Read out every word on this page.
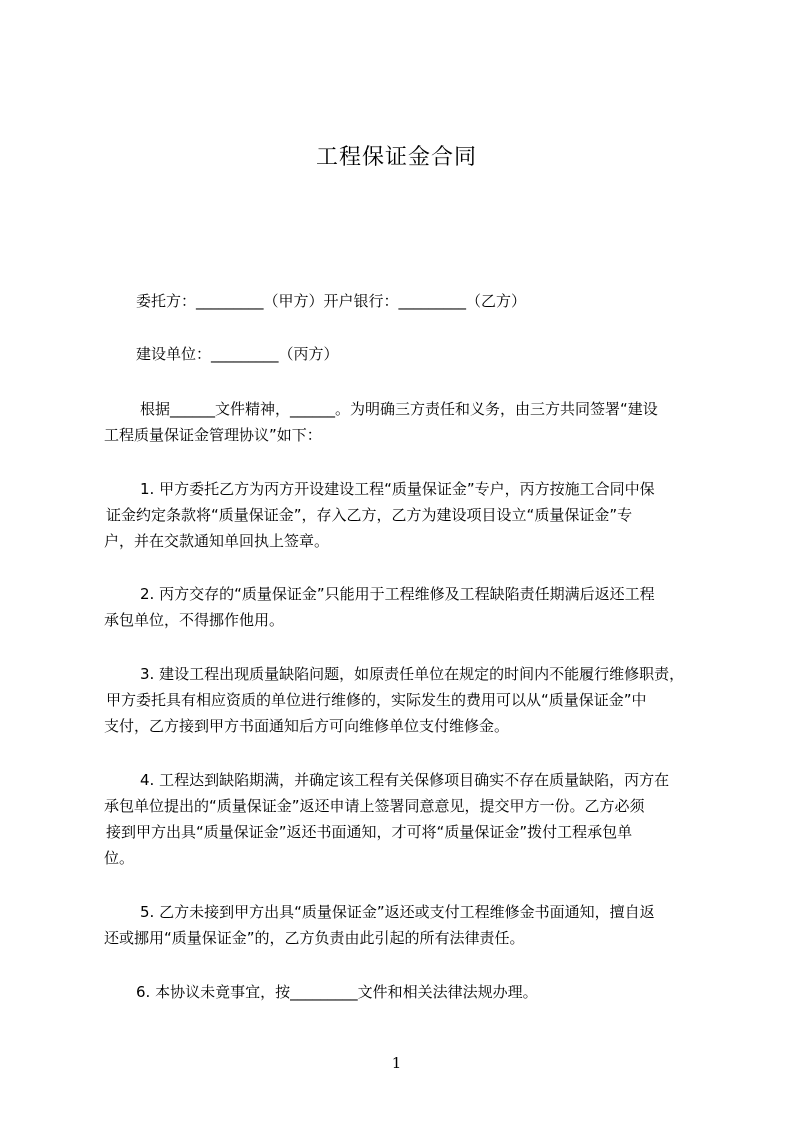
工程保证金合同

委托方：_________（甲方）开户银行：_________（乙方）

建设单位：_________（丙方）

根据______文件精神，______。为明确三方责任和义务，由三方共同签署“建设

工程质量保证金管理协议”如下：

1. 甲方委托乙方为丙方开设建设工程“质量保证金”专户，丙方按施工合同中保

证金约定条款将“质量保证金”，存入乙方，乙方为建设项目设立“质量保证金”专

户，并在交款通知单回执上签章。

2. 丙方交存的“质量保证金”只能用于工程维修及工程缺陷责任期满后返还工程

承包单位，不得挪作他用。

3. 建设工程出现质量缺陷问题，如原责任单位在规定的时间内不能履行维修职责，

甲方委托具有相应资质的单位进行维修的，实际发生的费用可以从“质量保证金”中

支付，乙方接到甲方书面通知后方可向维修单位支付维修金。

4. 工程达到缺陷期满，并确定该工程有关保修项目确实不存在质量缺陷，丙方在

承包单位提出的“质量保证金”返还申请上签署同意意见，提交甲方一份。乙方必须

接到甲方出具“质量保证金”返还书面通知，才可将“质量保证金”拨付工程承包单

位。

5. 乙方未接到甲方出具“质量保证金”返还或支付工程维修金书面通知，擅自返

还或挪用“质量保证金”的，乙方负责由此引起的所有法律责任。

6. 本协议未竟事宜，按_________文件和相关法律法规办理。

1
